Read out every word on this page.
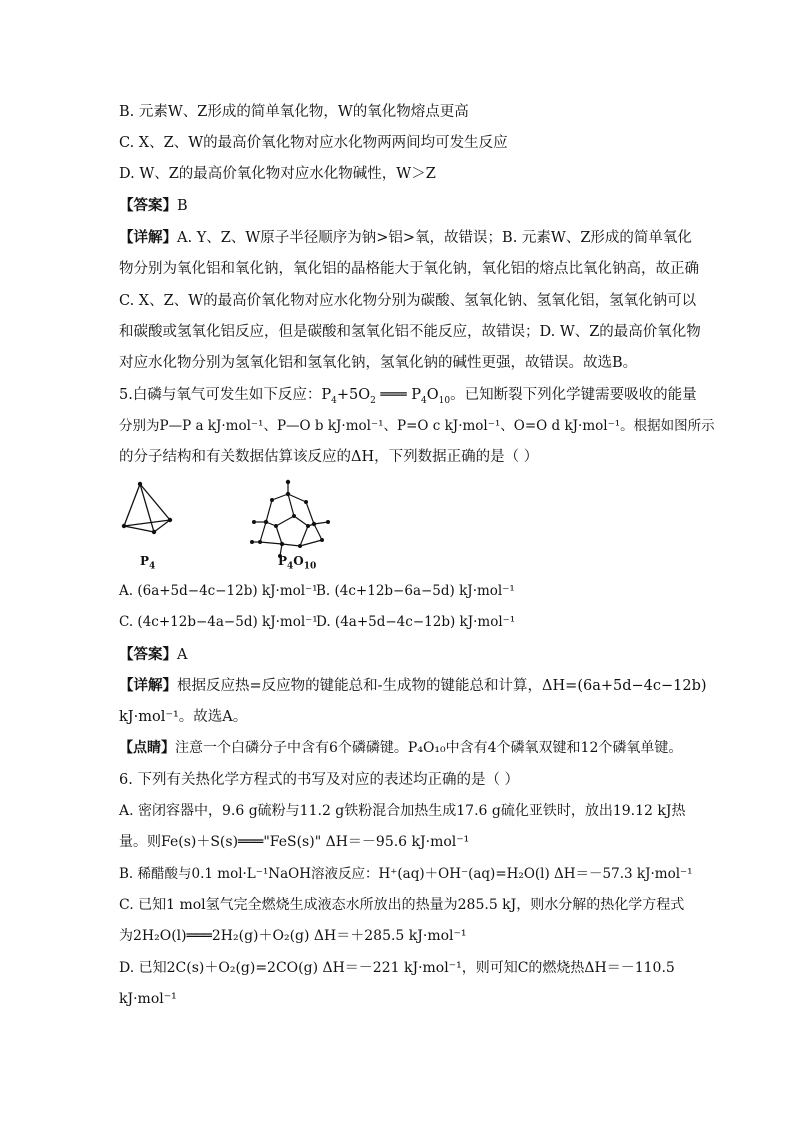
B. 元素W、Z形成的简单氧化物，W的氧化物熔点更高
C. X、Z、W的最高价氧化物对应水化物两两间均可发生反应
D. W、Z的最高价氧化物对应水化物碱性，W＞Z
【答案】B
【详解】A. Y、Z、W原子半径顺序为钠>铝>氧，故错误；B. 元素W、Z形成的简单氧化
物分别为氧化铝和氧化钠，氧化铝的晶格能大于氧化钠，氧化铝的熔点比氧化钠高，故正确
C. X、Z、W的最高价氧化物对应水化物分别为碳酸、氢氧化钠、氢氧化铝，氢氧化钠可以
和碳酸或氢氧化铝反应，但是碳酸和氢氧化铝不能反应，故错误；D. W、Z的最高价氧化物
对应水化物分别为氢氧化铝和氢氧化钠，氢氧化钠的碱性更强，故错误。故选B。
5.白磷与氧气可发生如下反应：$P_4+5O_2$ ═══ $P_4O_{10}$。已知断裂下列化学键需要吸收的能量
分别为P—P a kJ·mol⁻¹、P—O b kJ·mol⁻¹、P=O c kJ·mol⁻¹、O=O d kJ·mol⁻¹。根据如图所示
的分子结构和有关数据估算该反应的ΔH，下列数据正确的是（ ）
$P_4$	$P_4O_{10}$
A. (6a+5d−4c−12b) kJ·mol⁻¹
B. (4c+12b−6a−5d) kJ·mol⁻¹
C. (4c+12b−4a−5d) kJ·mol⁻¹
D. (4a+5d−4c−12b) kJ·mol⁻¹
【答案】A
【详解】根据反应热=反应物的键能总和-生成物的键能总和计算，ΔH=(6a+5d−4c−12b)
kJ·mol⁻¹。故选A。
【点睛】注意一个白磷分子中含有6个磷磷键。P₄O₁₀中含有4个磷氧双键和12个磷氧单键。
6. 下列有关热化学方程式的书写及对应的表述均正确的是（ ）
A. 密闭容器中，9.6 g硫粉与11.2 g铁粉混合加热生成17.6 g硫化亚铁时，放出19.12 kJ热
量。则Fe(s)＋S(s)═══"FeS(s)" ΔH＝－95.6 kJ·mol⁻¹
B. 稀醋酸与0.1 mol·L⁻¹NaOH溶液反应：H⁺(aq)＋OH⁻(aq)=H₂O(l) ΔH＝－57.3 kJ·mol⁻¹
C. 已知1 mol氢气完全燃烧生成液态水所放出的热量为285.5 kJ，则水分解的热化学方程式
为2H₂O(l)═══2H₂(g)＋O₂(g) ΔH＝＋285.5 kJ·mol⁻¹
D. 已知2C(s)＋O₂(g)=2CO(g) ΔH＝－221 kJ·mol⁻¹，则可知C的燃烧热ΔH＝－110.5
kJ·mol⁻¹
